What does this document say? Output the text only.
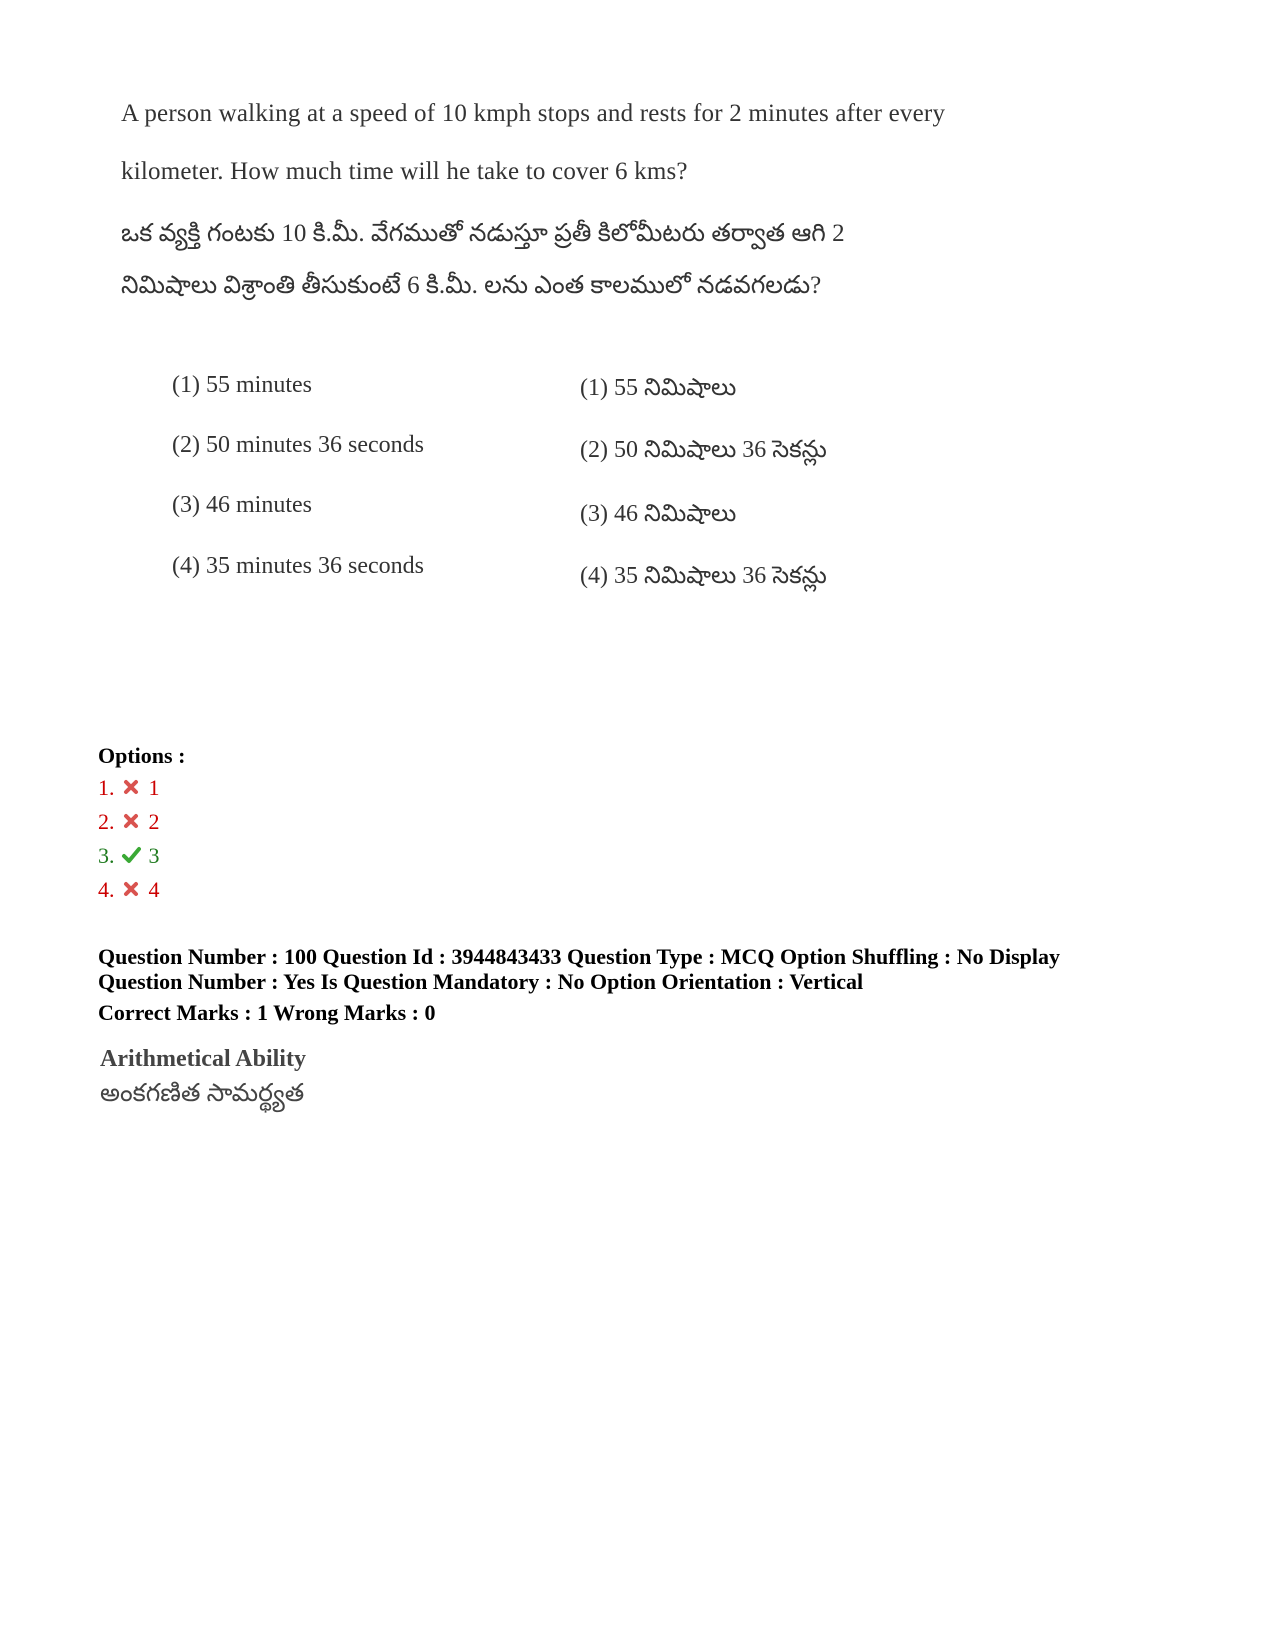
A person walking at a speed of 10 kmph stops and rests for 2 minutes after every
kilometer. How much time will he take to cover 6 kms?
ఒక వ్యక్తి గంటకు 10 కి.మీ. వేగముతో నడుస్తూ ప్రతీ కిలోమీటరు తర్వాత ఆగి 2
నిమిషాలు విశ్రాంతి తీసుకుంటే 6 కి.మీ. లను ఎంత కాలములో నడవగలడు?
(1) 55 minutes
(2) 50 minutes 36 seconds
(3) 46 minutes
(4) 35 minutes 36 seconds
(1) 55 నిమిషాలు
(2) 50 నిమిషాలు 36 సెకన్లు
(3) 46 నిమిషాలు
(4) 35 నిమిషాలు 36 సెకన్లు
Options :
1. 1
2. 2
3. 3
4. 4
Question Number : 100 Question Id : 3944843433 Question Type : MCQ Option Shuffling : No Display
Question Number : Yes Is Question Mandatory : No Option Orientation : Vertical
Correct Marks : 1 Wrong Marks : 0
Arithmetical Ability
అంకగణిత సామర్థ్యత
